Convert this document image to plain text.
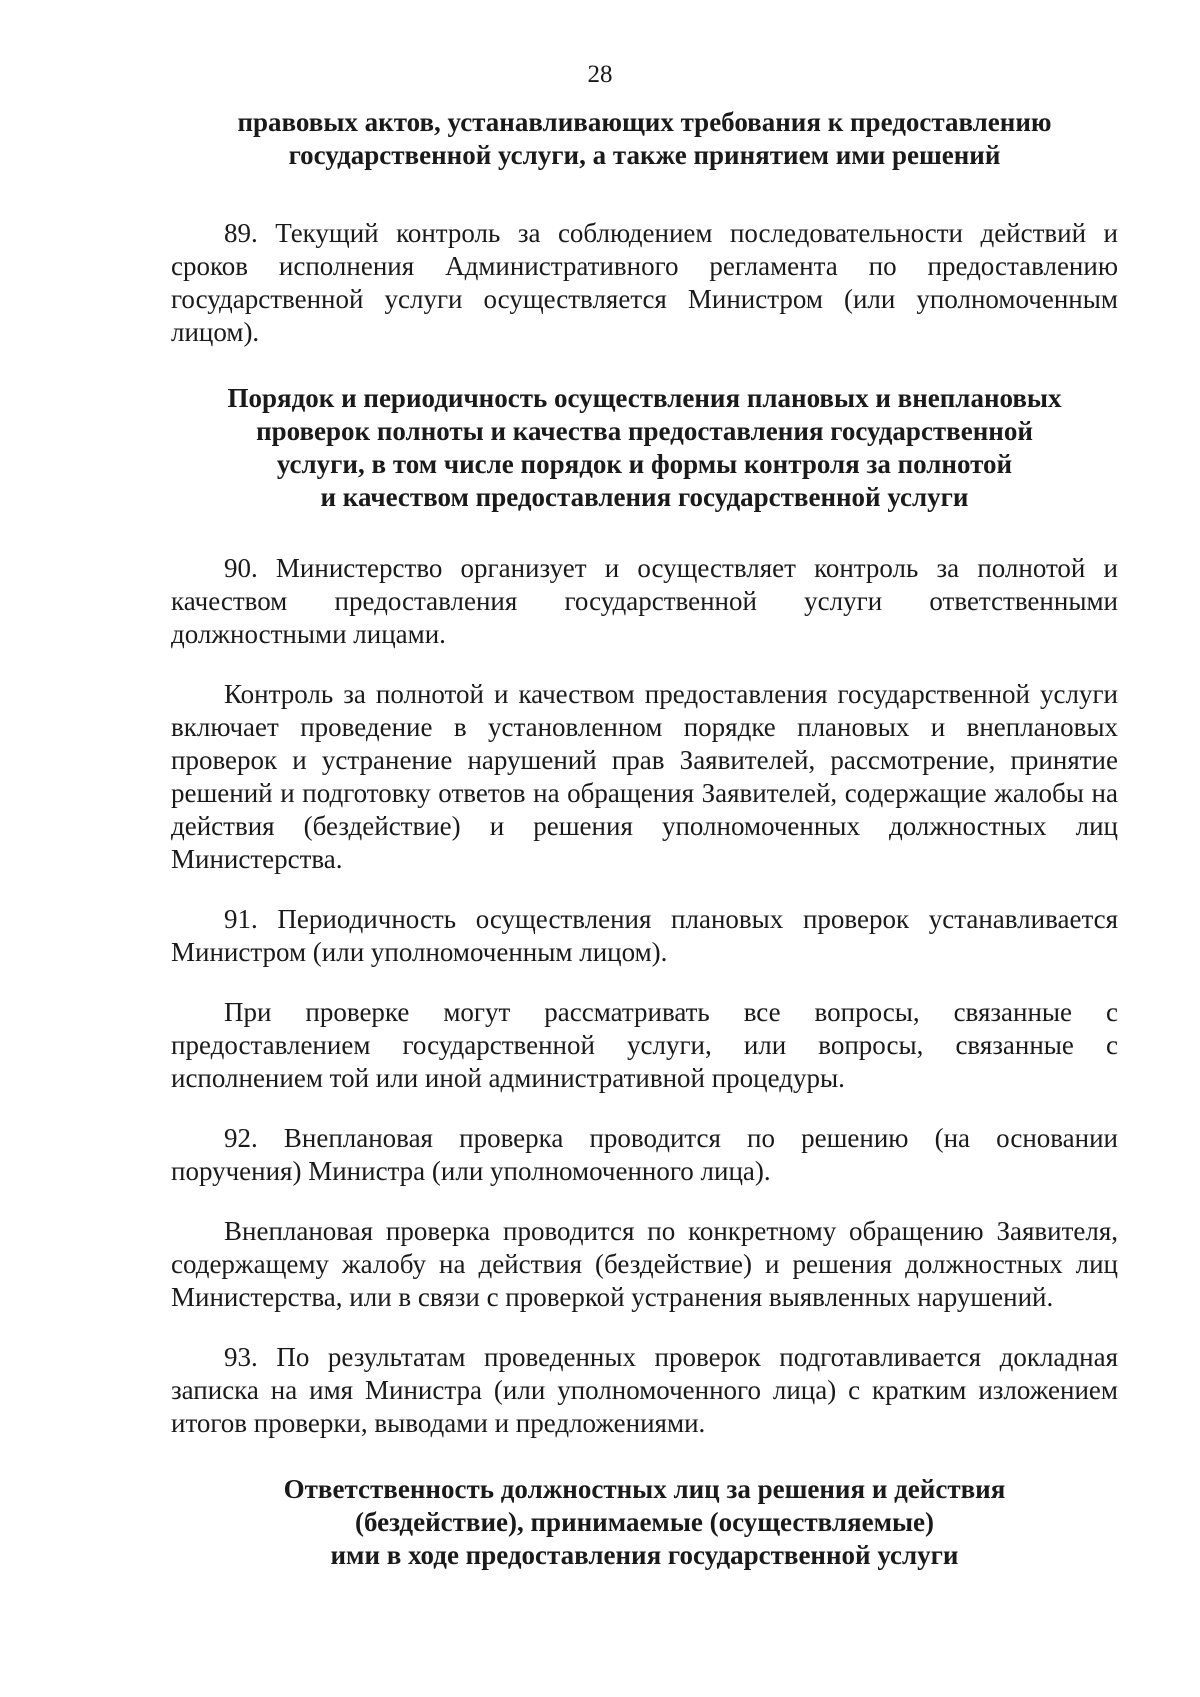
28

правовых актов, устанавливающих требования к предоставлению
государственной услуги, а также принятием ими решений

89. Текущий контроль за соблюдением последовательности действий и сроков исполнения Административного регламента по предоставлению государственной услуги осуществляется Министром (или уполномоченным лицом).

Порядок и периодичность осуществления плановых и внеплановых
проверок полноты и качества предоставления государственной
услуги, в том числе порядок и формы контроля за полнотой
и качеством предоставления государственной услуги

90. Министерство организует и осуществляет контроль за полнотой и качеством предоставления государственной услуги ответственными должностными лицами.

Контроль за полнотой и качеством предоставления государственной услуги включает проведение в установленном порядке плановых и внеплановых проверок и устранение нарушений прав Заявителей, рассмотрение, принятие решений и подготовку ответов на обращения Заявителей, содержащие жалобы на действия (бездействие) и решения уполномоченных должностных лиц Министерства.

91. Периодичность осуществления плановых проверок устанавливается Министром (или уполномоченным лицом).

При проверке могут рассматривать все вопросы, связанные с предоставлением государственной услуги, или вопросы, связанные с исполнением той или иной административной процедуры.

92. Внеплановая проверка проводится по решению (на основании поручения) Министра (или уполномоченного лица).

Внеплановая проверка проводится по конкретному обращению Заявителя, содержащему жалобу на действия (бездействие) и решения должностных лиц Министерства, или в связи с проверкой устранения выявленных нарушений.

93. По результатам проведенных проверок подготавливается докладная записка на имя Министра (или уполномоченного лица) с кратким изложением итогов проверки, выводами и предложениями.

Ответственность должностных лиц за решения и действия
(бездействие), принимаемые (осуществляемые)
ими в ходе предоставления государственной услуги
